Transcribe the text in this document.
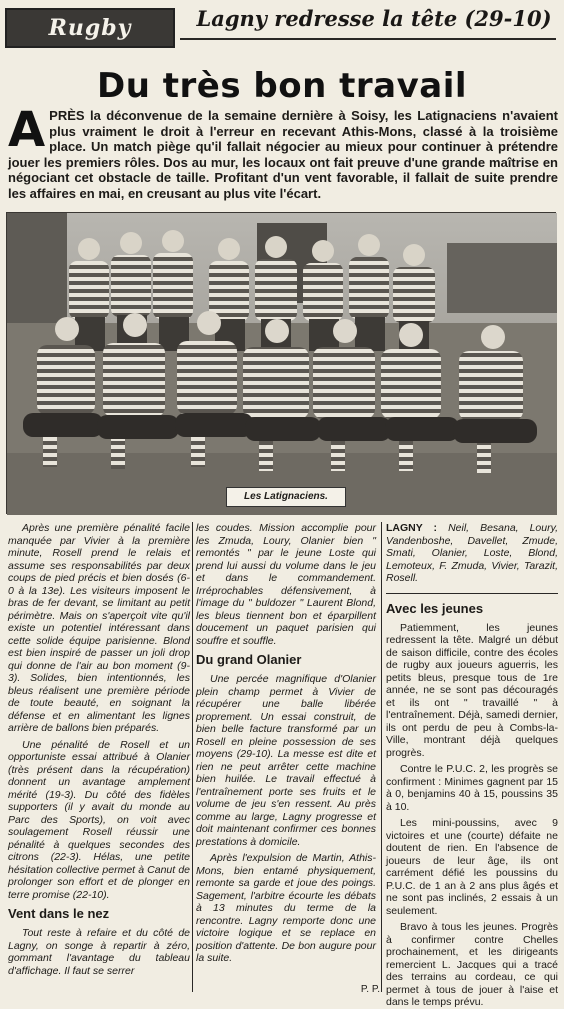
Rugby	Lagny redresse la tête (29-10)
Du très bon travail
APRÈS la déconvenue de la semaine dernière à Soisy, les Latignaciens n'avaient plus vraiment le droit à l'erreur en recevant Athis-Mons, classé à la troisième place. Un match piège qu'il fallait négocier au mieux pour continuer à prétendre jouer les premiers rôles. Dos au mur, les locaux ont fait preuve d'une grande maîtrise en négociant cet obstacle de taille. Profitant d'un vent favorable, il fallait de suite prendre les affaires en mai, en creusant au plus vite l'écart.
Les Latignaciens.

Après une première pénalité facile manquée par Vivier à la première minute, Rosell prend le relais et assume ses responsabilités par deux coups de pied précis et bien dosés (6-0 à la 13e). Les visiteurs imposent le bras de fer devant, se limitant au petit périmètre. Mais on s'aperçoit vite qu'il existe un potentiel intéressant dans cette solide équipe parisienne. Blond est bien inspiré de passer un joli drop qui donne de l'air au bon moment (9-3). Solides, bien intentionnés, les bleus réalisent une première période de toute beauté, en soignant la défense et en alimentant les lignes arrière de ballons bien préparés.

Une pénalité de Rosell et un opportuniste essai attribué à Olanier (très présent dans la récupération) donnent un avantage amplement mérité (19-3). Du côté des fidèles supporters (il y avait du monde au Parc des Sports), on voit avec soulagement Rosell réussir une pénalité à quelques secondes des citrons (22-3). Hélas, une petite hésitation collective permet à Canut de prolonger son effort et de plonger en terre promise (22-10).

Vent dans le nez

Tout reste à refaire et du côté de Lagny, on songe à repartir à zéro, gommant l'avantage du tableau d'affichage. Il faut se serrer

les coudes. Mission accomplie pour les Zmuda, Loury, Olanier bien " remontés " par le jeune Loste qui prend lui aussi du volume dans le jeu et dans le commandement. Irréprochables défensivement, à l'image du " buldozer " Laurent Blond, les bleus tiennent bon et éparpillent doucement un paquet parisien qui souffre et souffle.

Du grand Olanier

Une percée magnifique d'Olanier plein champ permet à Vivier de récupérer une balle libérée proprement. Un essai construit, de bien belle facture transformé par un Rosell en pleine possession de ses moyens (29-10). La messe est dite et rien ne peut arrêter cette machine bien huilée. Le travail effectué à l'entraînement porte ses fruits et le volume de jeu s'en ressent. Au près comme au large, Lagny progresse et doit maintenant confirmer ces bonnes prestations à domicile.

Après l'expulsion de Martin, Athis-Mons, bien entamé physiquement, remonte sa garde et joue des poings. Sagement, l'arbitre écourte les débats à 13 minutes du terme de la rencontre. Lagny remporte donc une victoire logique et se replace en position d'attente. De bon augure pour la suite.

LAGNY : Neil, Besana, Loury, Vandenboshe, Davellet, Zmude, Smati, Olanier, Loste, Blond, Lemoteux, F. Zmuda, Vivier, Tarazit, Rosell.
Avec les jeunes

Patiemment, les jeunes redressent la tête. Malgré un début de saison difficile, contre des écoles de rugby aux joueurs aguerris, les petits bleus, presque tous de 1re année, ne se sont pas découragés et ils ont " travaillé " à l'entraînement. Déjà, samedi dernier, ils ont perdu de peu à Combs-la-Ville, montrant déjà quelques progrès.

Contre le P.U.C. 2, les progrès se confirment : Minimes gagnent par 15 à 0, benjamins 40 à 15, poussins 35 à 10.

Les mini-poussins, avec 9 victoires et une (courte) défaite ne doutent de rien. En l'absence de joueurs de leur âge, ils ont carrément défié les poussins du P.U.C. de 1 an à 2 ans plus âgés et ne sont pas inclinés, 2 essais à un seulement.

Bravo à tous les jeunes. Progrès à confirmer contre Chelles prochainement, et les dirigeants remercient L. Jacques qui a tracé des terrains au cordeau, ce qui permet à tous de jouer à l'aise et dans le temps prévu.

P. P.
